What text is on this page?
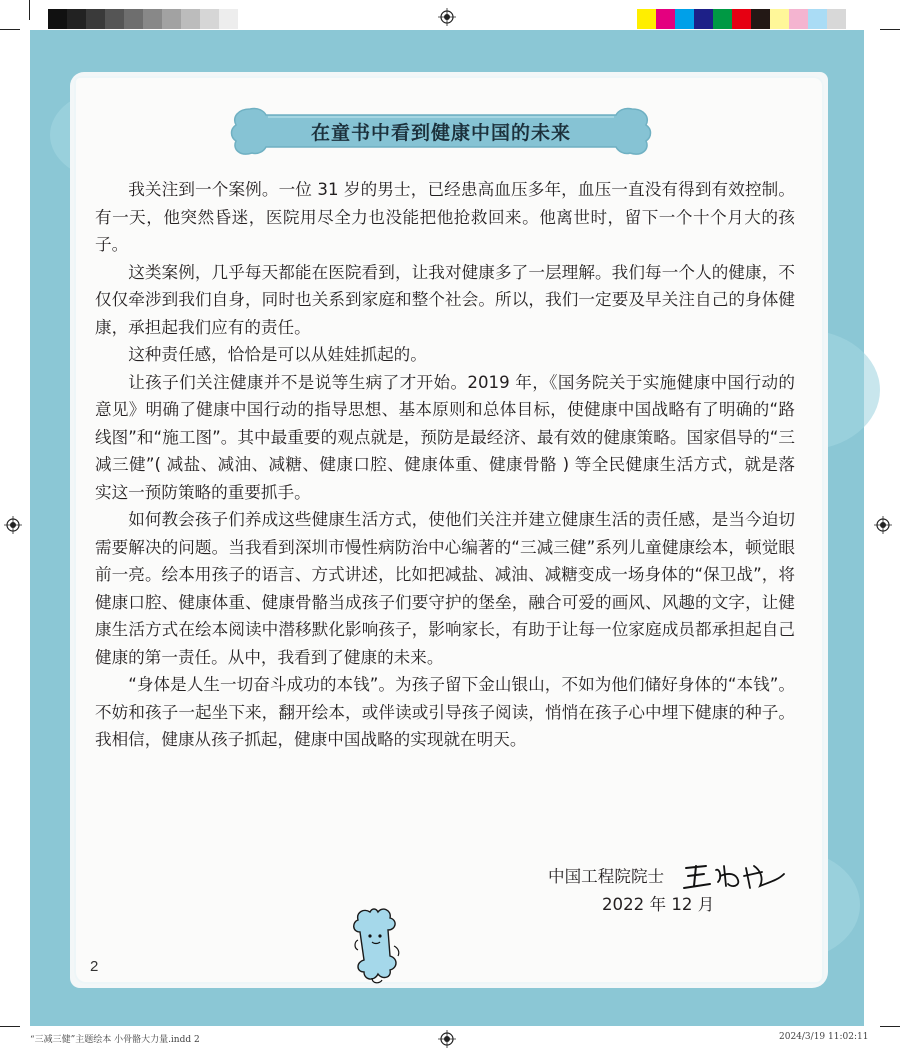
在童书中看到健康中国的未来

我关注到一个案例。一位 31 岁的男士，已经患高血压多年，血压一直没有得到有效控制。有一天，他突然昏迷，医院用尽全力也没能把他抢救回来。他离世时，留下一个十个月大的孩子。

这类案例，几乎每天都能在医院看到，让我对健康多了一层理解。我们每一个人的健康，不仅仅牵涉到我们自身，同时也关系到家庭和整个社会。所以，我们一定要及早关注自己的身体健康，承担起我们应有的责任。

这种责任感，恰恰是可以从娃娃抓起的。

让孩子们关注健康并不是说等生病了才开始。2019 年，《国务院关于实施健康中国行动的意见》明确了健康中国行动的指导思想、基本原则和总体目标，使健康中国战略有了明确的“路线图”和“施工图”。其中最重要的观点就是，预防是最经济、最有效的健康策略。国家倡导的“三减三健”( 减盐、减油、减糖、健康口腔、健康体重、健康骨骼 ) 等全民健康生活方式，就是落实这一预防策略的重要抓手。

如何教会孩子们养成这些健康生活方式，使他们关注并建立健康生活的责任感，是当今迫切需要解决的问题。当我看到深圳市慢性病防治中心编著的“三减三健”系列儿童健康绘本，顿觉眼前一亮。绘本用孩子的语言、方式讲述，比如把减盐、减油、减糖变成一场身体的“保卫战”，将健康口腔、健康体重、健康骨骼当成孩子们要守护的堡垒，融合可爱的画风、风趣的文字，让健康生活方式在绘本阅读中潜移默化影响孩子，影响家长，有助于让每一位家庭成员都承担起自己健康的第一责任。从中，我看到了健康的未来。

“身体是人生一切奋斗成功的本钱”。为孩子留下金山银山，不如为他们储好身体的“本钱”。不妨和孩子一起坐下来，翻开绘本，或伴读或引导孩子阅读，悄悄在孩子心中埋下健康的种子。我相信，健康从孩子抓起，健康中国战略的实现就在明天。

中国工程院院士
2022 年 12 月
2
“三减三健”主题绘本 小骨骼大力量.indd 2	2024/3/19 11:02:11
